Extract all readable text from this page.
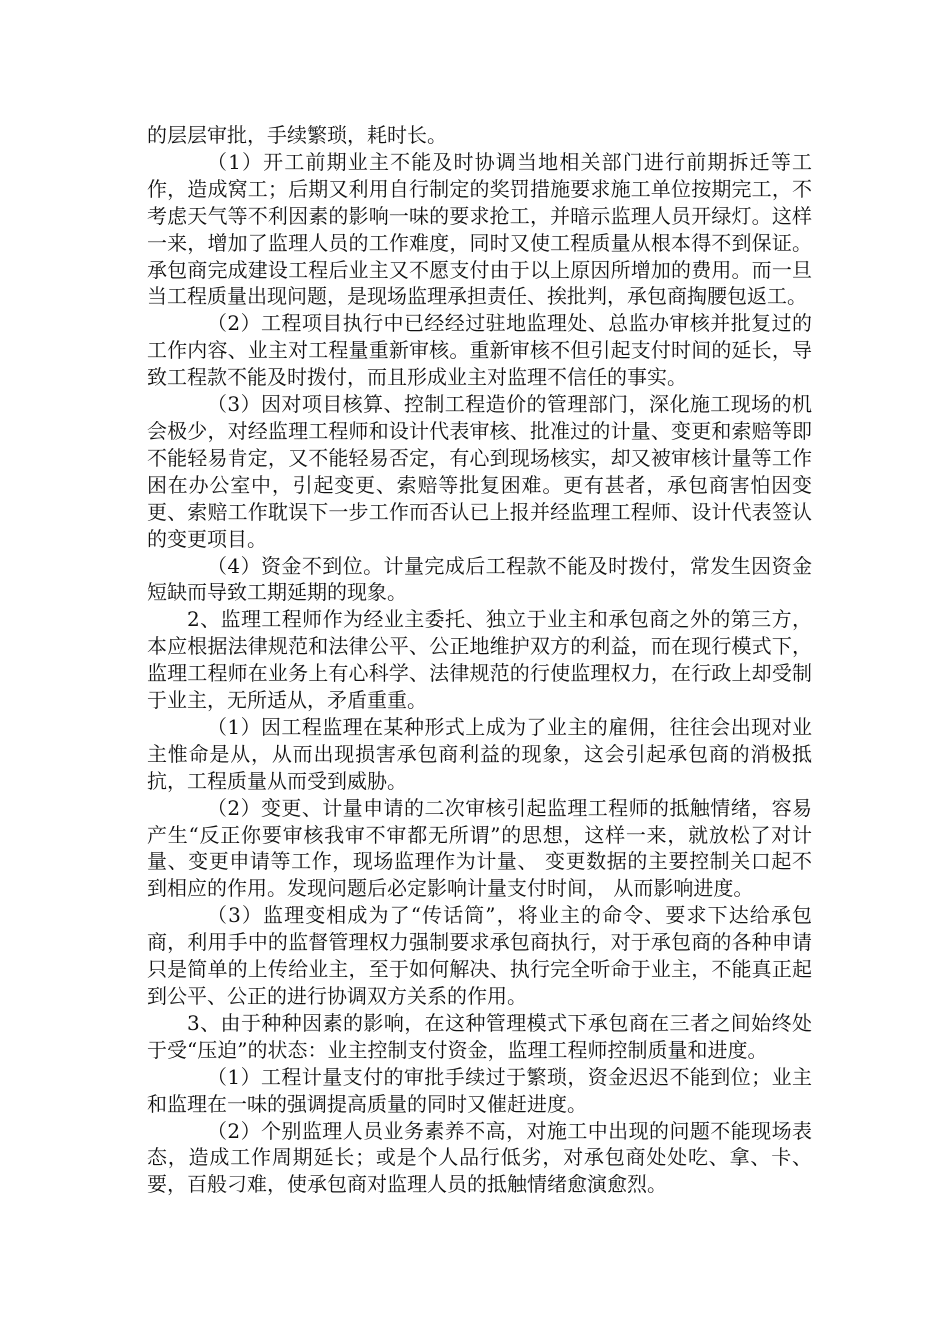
的层层审批，手续繁琐，耗时长。

（1）开工前期业主不能及时协调当地相关部门进行前期拆迁等工作，造成窝工；后期又利用自行制定的奖罚措施要求施工单位按期完工，不考虑天气等不利因素的影响一味的要求抢工，并暗示监理人员开绿灯。这样一来，增加了监理人员的工作难度，同时又使工程质量从根本得不到保证。承包商完成建设工程后业主又不愿支付由于以上原因所增加的费用。而一旦当工程质量出现问题，是现场监理承担责任、挨批判，承包商掏腰包返工。

（2）工程项目执行中已经经过驻地监理处、总监办审核并批复过的工作内容、业主对工程量重新审核。重新审核不但引起支付时间的延长，导致工程款不能及时拨付，而且形成业主对监理不信任的事实。

（3）因对项目核算、控制工程造价的管理部门，深化施工现场的机会极少，对经监理工程师和设计代表审核、批准过的计量、变更和索赔等即不能轻易肯定，又不能轻易否定，有心到现场核实，却又被审核计量等工作困在办公室中，引起变更、索赔等批复困难。更有甚者，承包商害怕因变更、索赔工作耽误下一步工作而否认已上报并经监理工程师、设计代表签认的变更项目。

（4）资金不到位。计量完成后工程款不能及时拨付，常发生因资金短缺而导致工期延期的现象。

2、监理工程师作为经业主委托、独立于业主和承包商之外的第三方，本应根据法律规范和法律公平、公正地维护双方的利益，而在现行模式下，监理工程师在业务上有心科学、法律规范的行使监理权力，在行政上却受制于业主，无所适从，矛盾重重。

（1）因工程监理在某种形式上成为了业主的雇佣，往往会出现对业主惟命是从，从而出现损害承包商利益的现象，这会引起承包商的消极抵抗，工程质量从而受到威胁。

（2）变更、计量申请的二次审核引起监理工程师的抵触情绪，容易产生“反正你要审核我审不审都无所谓”的思想，这样一来，就放松了对计量、变更申请等工作，现场监理作为计量、 变更数据的主要控制关口起不到相应的作用。发现问题后必定影响计量支付时间， 从而影响进度。

（3）监理变相成为了“传话筒”，将业主的命令、要求下达给承包商，利用手中的监督管理权力强制要求承包商执行，对于承包商的各种申请只是简单的上传给业主，至于如何解决、执行完全听命于业主，不能真正起到公平、公正的进行协调双方关系的作用。

3、由于种种因素的影响，在这种管理模式下承包商在三者之间始终处于受“压迫”的状态：业主控制支付资金，监理工程师控制质量和进度。

（1）工程计量支付的审批手续过于繁琐，资金迟迟不能到位；业主和监理在一味的强调提高质量的同时又催赶进度。

（2）个别监理人员业务素养不高，对施工中出现的问题不能现场表态，造成工作周期延长；或是个人品行低劣，对承包商处处吃、拿、卡、要，百般刁难，使承包商对监理人员的抵触情绪愈演愈烈。
